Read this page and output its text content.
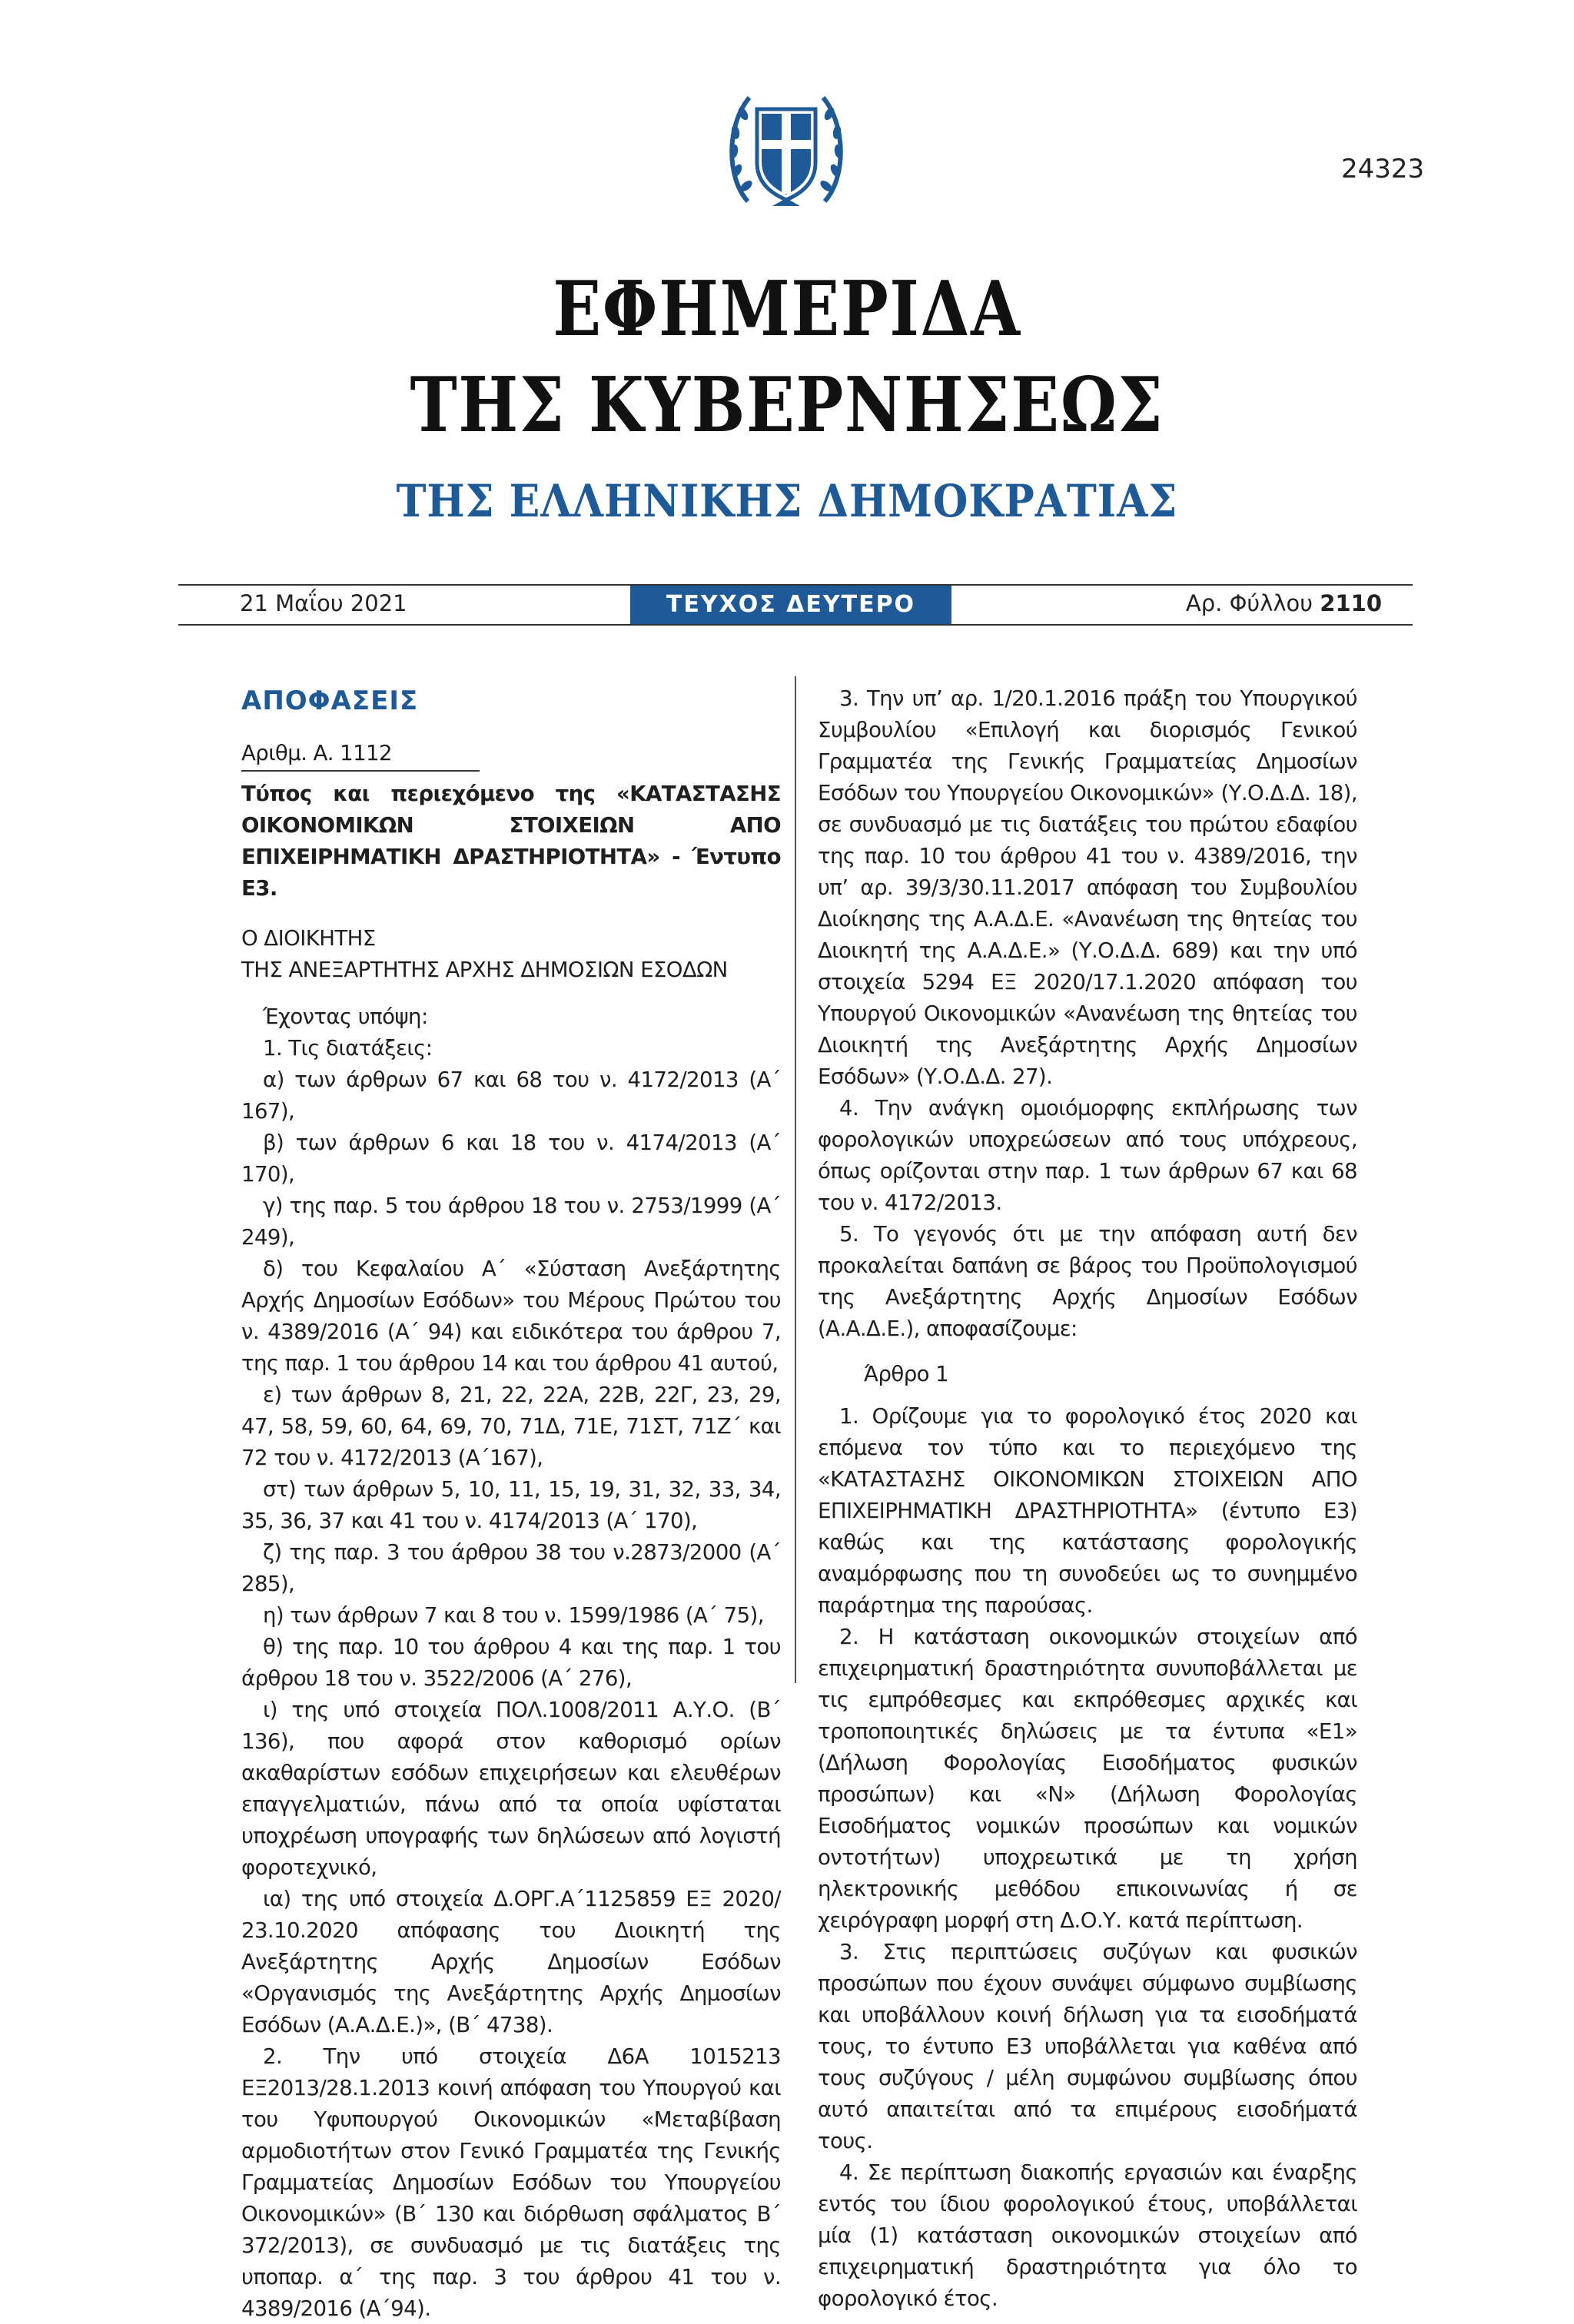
24323
ΕΦΗΜΕΡΙΔΑ
ΤΗΣ ΚΥΒΕΡΝΗΣΕΩΣ
ΤΗΣ ΕΛΛΗΝΙΚΗΣ ΔΗΜΟΚΡΑΤΙΑΣ
21 Μαΐου 2021	ΤΕΥΧΟΣ ΔΕΥΤΕΡΟ	Αρ. Φύλλου 2110

ΑΠΟΦΑΣΕΙΣ

Αριθμ. Α. 1112

Τύπος και περιεχόμενο της «ΚΑΤΑΣΤΑΣΗΣ ΟΙΚΟΝΟΜΙΚΩΝ ΣΤΟΙΧΕΙΩΝ ΑΠΟ ΕΠΙΧΕΙΡΗΜΑΤΙΚΗ ΔΡΑΣΤΗΡΙΟΤΗΤΑ» - Έντυπο Ε3.

Ο ΔΙΟΙΚΗΤΗΣ
ΤΗΣ ΑΝΕΞΑΡΤΗΤΗΣ ΑΡΧΗΣ ΔΗΜΟΣΙΩΝ ΕΣΟΔΩΝ

Έχοντας υπόψη:

1. Τις διατάξεις:

α) των άρθρων 67 και 68 του ν. 4172/2013 (Α΄ 167),

β) των άρθρων 6 και 18 του ν. 4174/2013 (Α΄ 170),

γ) της παρ. 5 του άρθρου 18 του ν. 2753/1999 (Α΄ 249),

δ) του Κεφαλαίου Α΄ «Σύσταση Ανεξάρτητης Αρχής Δημοσίων Εσόδων» του Μέρους Πρώτου του ν. 4389/2016 (Α΄ 94) και ειδικότερα του άρθρου 7, της παρ. 1 του άρθρου 14 και του άρθρου 41 αυτού,

ε) των άρθρων 8, 21, 22, 22Α, 22Β, 22Γ, 23, 29, 47, 58, 59, 60, 64, 69, 70, 71Δ, 71Ε, 71ΣΤ, 71Ζ΄ και 72 του ν. 4172/2013 (Α΄167),

στ) των άρθρων 5, 10, 11, 15, 19, 31, 32, 33, 34, 35, 36, 37 και 41 του ν. 4174/2013 (Α΄ 170),

ζ) της παρ. 3 του άρθρου 38 του ν.2873/2000 (Α΄ 285),

η) των άρθρων 7 και 8 του ν. 1599/1986 (Α΄ 75),

θ) της παρ. 10 του άρθρου 4 και της παρ. 1 του άρθρου 18 του ν. 3522/2006 (Α΄ 276),

ι) της υπό στοιχεία ΠΟΛ.1008/2011 Α.Υ.Ο. (Β΄ 136), που αφορά στον καθορισμό ορίων ακαθαρίστων εσόδων επιχειρήσεων και ελευθέρων επαγγελματιών, πάνω από τα οποία υφίσταται υποχρέωση υπογραφής των δηλώσεων από λογιστή φοροτεχνικό,

ια) της υπό στοιχεία Δ.ΟΡΓ.Α΄1125859 ΕΞ 2020/ 23.10.2020 απόφασης του Διοικητή της Ανεξάρτητης Αρχής Δημοσίων Εσόδων «Οργανισμός της Ανεξάρτητης Αρχής Δημοσίων Εσόδων (Α.Α.Δ.Ε.)», (Β΄ 4738).

2. Την υπό στοιχεία Δ6Α 1015213 ΕΞ2013/28.1.2013 κοινή απόφαση του Υπουργού και του Υφυπουργού Οικονομικών «Μεταβίβαση αρμοδιοτήτων στον Γενικό Γραμματέα της Γενικής Γραμματείας Δημοσίων Εσόδων του Υπουργείου Οικονομικών» (Β΄ 130 και διόρθωση σφάλματος Β΄ 372/2013), σε συνδυασμό με τις διατάξεις της υποπαρ. α΄ της παρ. 3 του άρθρου 41 του ν. 4389/2016 (Α΄94).

3. Την υπ’ αρ. 1/20.1.2016 πράξη του Υπουργικού Συμβουλίου «Επιλογή και διορισμός Γενικού Γραμματέα της Γενικής Γραμματείας Δημοσίων Εσόδων του Υπουργείου Οικονομικών» (Υ.Ο.Δ.Δ. 18), σε συνδυασμό με τις διατάξεις του πρώτου εδαφίου της παρ. 10 του άρθρου 41 του ν. 4389/2016, την υπ’ αρ. 39/3/30.11.2017 απόφαση του Συμβουλίου Διοίκησης της Α.Α.Δ.Ε. «Ανανέωση της θητείας του Διοικητή της Α.Α.Δ.Ε.» (Υ.Ο.Δ.Δ. 689) και την υπό στοιχεία 5294 ΕΞ 2020/17.1.2020 απόφαση του Υπουργού Οικονομικών «Ανανέωση της θητείας του Διοικητή της Ανεξάρτητης Αρχής Δημοσίων Εσόδων» (Υ.Ο.Δ.Δ. 27).

4. Την ανάγκη ομοιόμορφης εκπλήρωσης των φορολογικών υποχρεώσεων από τους υπόχρεους, όπως ορίζονται στην παρ. 1 των άρθρων 67 και 68 του ν. 4172/2013.

5. Το γεγονός ότι με την απόφαση αυτή δεν προκαλείται δαπάνη σε βάρος του Προϋπολογισμού της Ανεξάρτητης Αρχής Δημοσίων Εσόδων (Α.Α.Δ.Ε.), αποφασίζουμε:

Άρθρο 1

1. Ορίζουμε για το φορολογικό έτος 2020 και επόμενα τον τύπο και το περιεχόμενο της «ΚΑΤΑΣΤΑΣΗΣ ΟΙΚΟΝΟΜΙΚΩΝ ΣΤΟΙΧΕΙΩΝ ΑΠΟ ΕΠΙΧΕΙΡΗΜΑΤΙΚΗ ΔΡΑΣΤΗΡΙΟΤΗΤΑ» (έντυπο Ε3) καθώς και της κατάστασης φορολογικής αναμόρφωσης που τη συνοδεύει ως το συνημμένο παράρτημα της παρούσας.

2. Η κατάσταση οικονομικών στοιχείων από επιχειρηματική δραστηριότητα συνυποβάλλεται με τις εμπρόθεσμες και εκπρόθεσμες αρχικές και τροποποιητικές δηλώσεις με τα έντυπα «Ε1» (Δήλωση Φορολογίας Εισοδήματος φυσικών προσώπων) και «Ν» (Δήλωση Φορολογίας Εισοδήματος νομικών προσώπων και νομικών οντοτήτων) υποχρεωτικά με τη χρήση ηλεκτρονικής μεθόδου επικοινωνίας ή σε χειρόγραφη μορφή στη Δ.Ο.Υ. κατά περίπτωση.

3. Στις περιπτώσεις συζύγων και φυσικών προσώπων που έχουν συνάψει σύμφωνο συμβίωσης και υποβάλλουν κοινή δήλωση για τα εισοδήματά τους, το έντυπο Ε3 υποβάλλεται για καθένα από τους συζύγους / μέλη συμφώνου συμβίωσης όπου αυτό απαιτείται από τα επιμέρους εισοδήματά τους.

4. Σε περίπτωση διακοπής εργασιών και έναρξης εντός του ίδιου φορολογικού έτους, υποβάλλεται μία (1) κατάσταση οικονομικών στοιχείων από επιχειρηματική δραστηριότητα για όλο το φορολογικό έτος.
